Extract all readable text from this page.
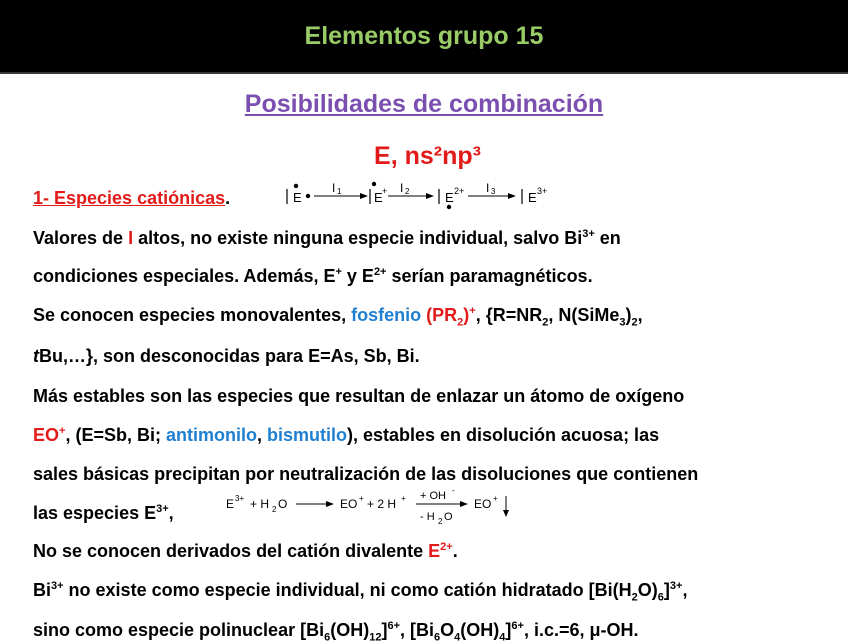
Elementos grupo 15
Posibilidades de combinación
E, ns²np³
1- Especies catiónicas.	E
I 1	E + I 2	E 2+ I 3	E 3+
Valores de I altos, no existe ninguna especie individual, salvo $Bi^{3+}$ en
condiciones especiales. Además, E+ y $E^{2+}$ serían paramagnéticos.
Se conocen especies monovalentes, fosfenio $(PR_2)^+$, {$R=NR_2$, $N(SiMe_3)_2$,
tBu,…}, son desconocidas para E=As, Sb, Bi.
Más estables son las especies que resultan de enlazar un átomo de oxígeno
EO+, (E=Sb, Bi; antimonilo, bismutilo), estables en disolución acuosa; las
sales básicas precipitan por neutralización de las disoluciones que contienen
las especies $E^{3+}$,	E 3+ + H 2 O	EO + + 2 H + + OH -
- H 2 O
EO +
No se conocen derivados del catión divalente $E^{2+}$.
$Bi^{3+}$ no existe como especie individual, ni como catión hidratado $[Bi(H_2O)_6]^{3+}$,
sino como especie polinuclear $[Bi_6(OH)_{12}]^{6+}$, $[Bi_6O_4(OH)_4]^{6+}$, i.c.=6, μ-OH.
